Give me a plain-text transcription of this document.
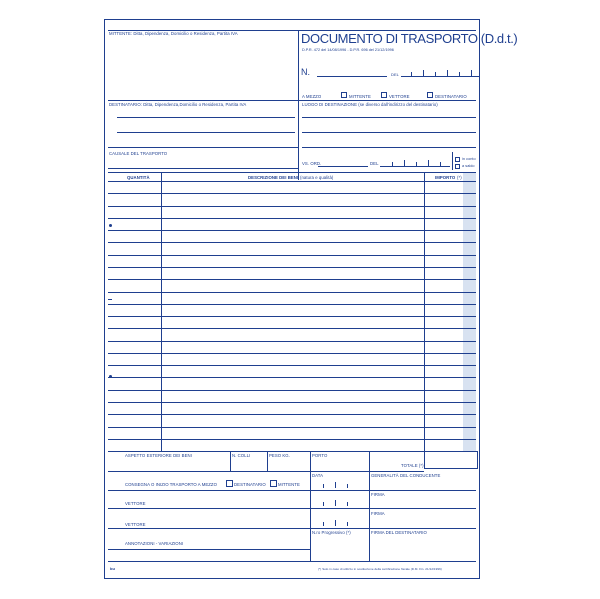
MITTENTE: Ditta, Dipendenza, Domicilio o Residenza, Partita IVA	DOCUMENTO DI TRASPORTO (D.d.t.)
D.P.R. 472 del 14/08/1996 - D.P.R. 696 del 21/12/1996
N.	DEL
A MEZZO	MITTENTE	VETTORE	DESTINATARIO
DESTINATARIO: Ditta, Dipendenza,Domicilio o Residenza, Partita IVA	LUOGO DI DESTINAZIONE (se diverso dall'indirizzo del destinatario)
CAUSALE DEL TRASPORTO
VS. ORD.	DEL
in conto
a saldo
QUANTITÀ	DESCRIZIONE DEI BENI (natura e qualità)	IMPORTO (*)
ASPETTO ESTERIORE DEI BENI	N. COLLI	PESO KG.	PORTO
TOTALE (*)
CONSEGNA O INIZIO TRASPORTO A MEZZO	DESTINATARIO	MITTENTE
DATA	GENERALITÀ DEL CONDUCENTE
VETTORE
FIRMA
VETTORE
FIRMA
ANNOTAZIONI - VARIAZIONI
N.ro Progressivo (*)	FIRMA DEL DESTINATARIO
bu	(*) Solo in caso di utilizzo in sostituzione della certificazione fiscale (D.M. Fin. 21/12/1996)
